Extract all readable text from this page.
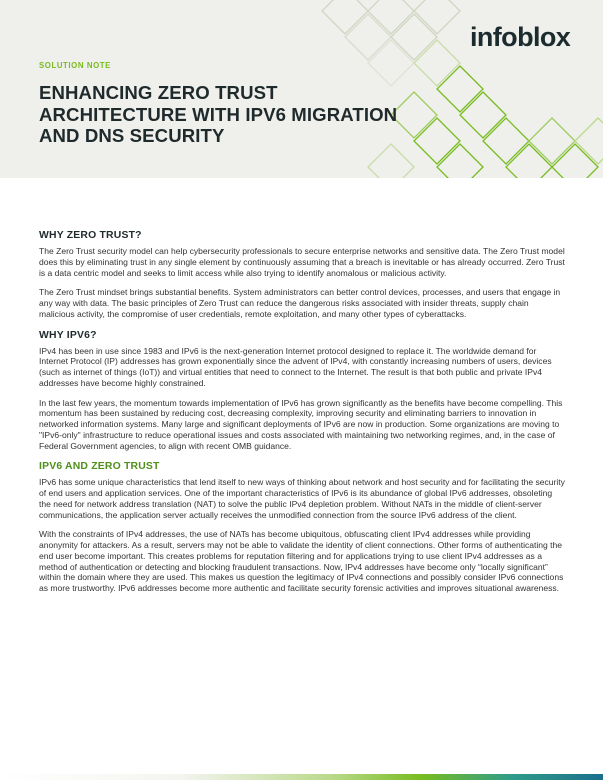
infoblox
SOLUTION NOTE
ENHANCING ZERO TRUST ARCHITECTURE WITH IPV6 MIGRATION AND DNS SECURITY
WHY ZERO TRUST?

The Zero Trust security model can help cybersecurity professionals to secure enterprise networks and sensitive data. The Zero Trust model does this by eliminating trust in any single element by continuously assuming that a breach is inevitable or has already occurred. Zero Trust is a data centric model and seeks to limit access while also trying to identify anomalous or malicious activity.

The Zero Trust mindset brings substantial benefits. System administrators can better control devices, processes, and users that engage in any way with data. The basic principles of Zero Trust can reduce the dangerous risks associated with insider threats, supply chain malicious activity, the compromise of user credentials, remote exploitation, and many other types of cyberattacks.

WHY IPV6?

IPv4 has been in use since 1983 and IPv6 is the next-generation Internet protocol designed to replace it. The worldwide demand for Internet Protocol (IP) addresses has grown exponentially since the advent of IPv4, with constantly increasing numbers of users, devices (such as internet of things (IoT)) and virtual entities that need to connect to the Internet. The result is that both public and private IPv4 addresses have become highly constrained.

In the last few years, the momentum towards implementation of IPv6 has grown significantly as the benefits have become compelling. This momentum has been sustained by reducing cost, decreasing complexity, improving security and eliminating barriers to innovation in networked information systems. Many large and significant deployments of IPv6 are now in production. Some organizations are moving to "IPv6-only" infrastructure to reduce operational issues and costs associated with maintaining two networking regimes, and, in the case of Federal Government agencies, to align with recent OMB guidance.

IPV6 AND ZERO TRUST

IPv6 has some unique characteristics that lend itself to new ways of thinking about network and host security and for facilitating the security of end users and application services. One of the important characteristics of IPv6 is its abundance of global IPv6 addresses, obsoleting the need for network address translation (NAT) to solve the public IPv4 depletion problem. Without NATs in the middle of client-server communications, the application server actually receives the unmodified connection from the source IPv6 address of the client.

With the constraints of IPv4 addresses, the use of NATs has become ubiquitous, obfuscating client IPv4 addresses while providing anonymity for attackers. As a result, servers may not be able to validate the identity of client connections. Other forms of authenticating the end user become important. This creates problems for reputation filtering and for applications trying to use client IPv4 addresses as a method of authentication or detecting and blocking fraudulent transactions. Now, IPv4 addresses have become only “locally significant” within the domain where they are used. This makes us question the legitimacy of IPv4 connections and possibly consider IPv6 connections as more trustworthy. IPv6 addresses become more authentic and facilitate security forensic activities and improves situational awareness.
